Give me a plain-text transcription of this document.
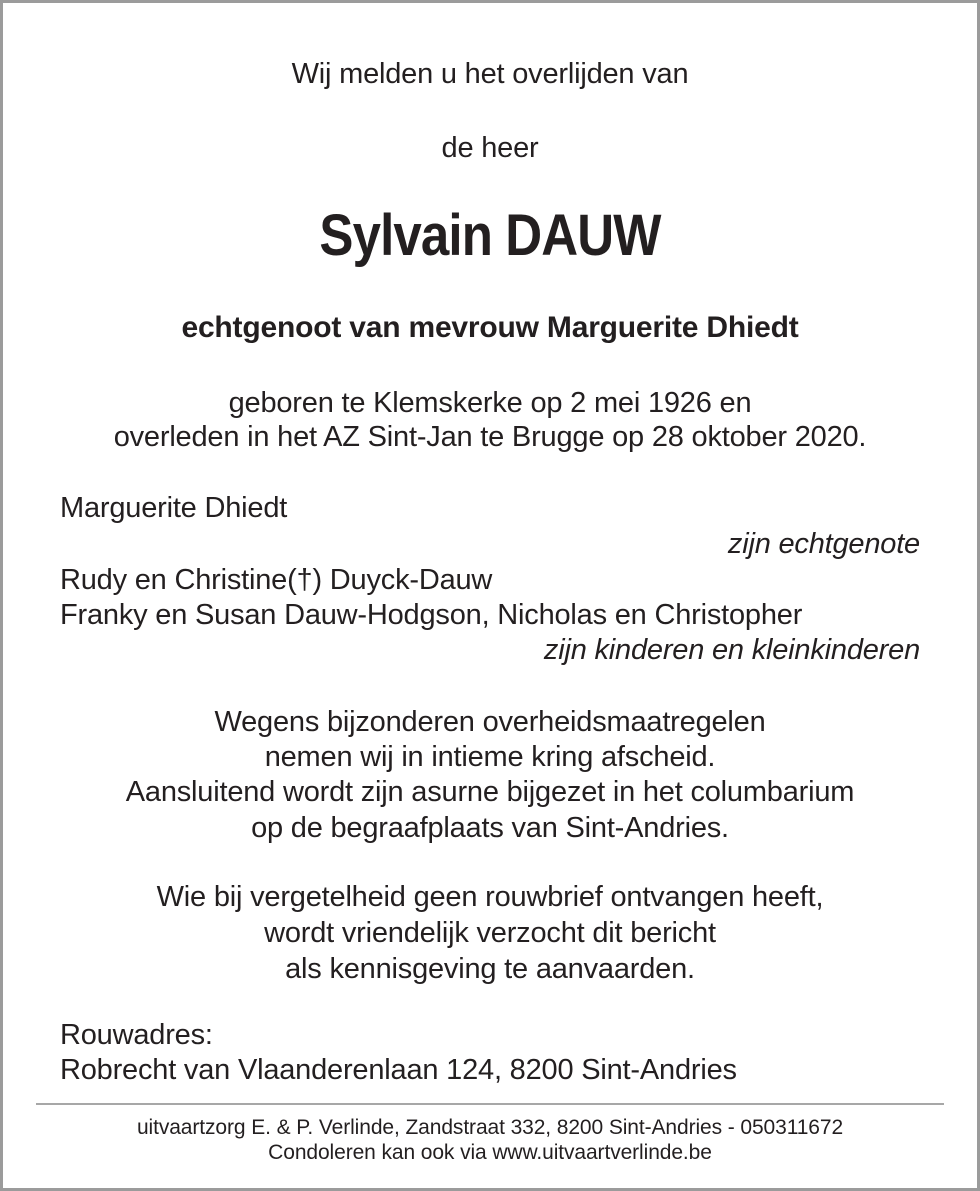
Wij melden u het overlijden van
de heer
Sylvain DAUW
echtgenoot van mevrouw Marguerite Dhiedt
geboren te Klemskerke op 2 mei 1926 en
overleden in het AZ Sint-Jan te Brugge op 28 oktober 2020.
Marguerite Dhiedt
zijn echtgenote
Rudy en Christine(†) Duyck-Dauw
Franky en Susan Dauw-Hodgson, Nicholas en Christopher
zijn kinderen en kleinkinderen
Wegens bijzonderen overheidsmaatregelen
nemen wij in intieme kring afscheid.
Aansluitend wordt zijn asurne bijgezet in het columbarium
op de begraafplaats van Sint-Andries.
Wie bij vergetelheid geen rouwbrief ontvangen heeft,
wordt vriendelijk verzocht dit bericht
als kennisgeving te aanvaarden.
Rouwadres:
Robrecht van Vlaanderenlaan 124, 8200 Sint-Andries
uitvaartzorg E. & P. Verlinde, Zandstraat 332, 8200 Sint-Andries - 050311672
Condoleren kan ook via www.uitvaartverlinde.be
